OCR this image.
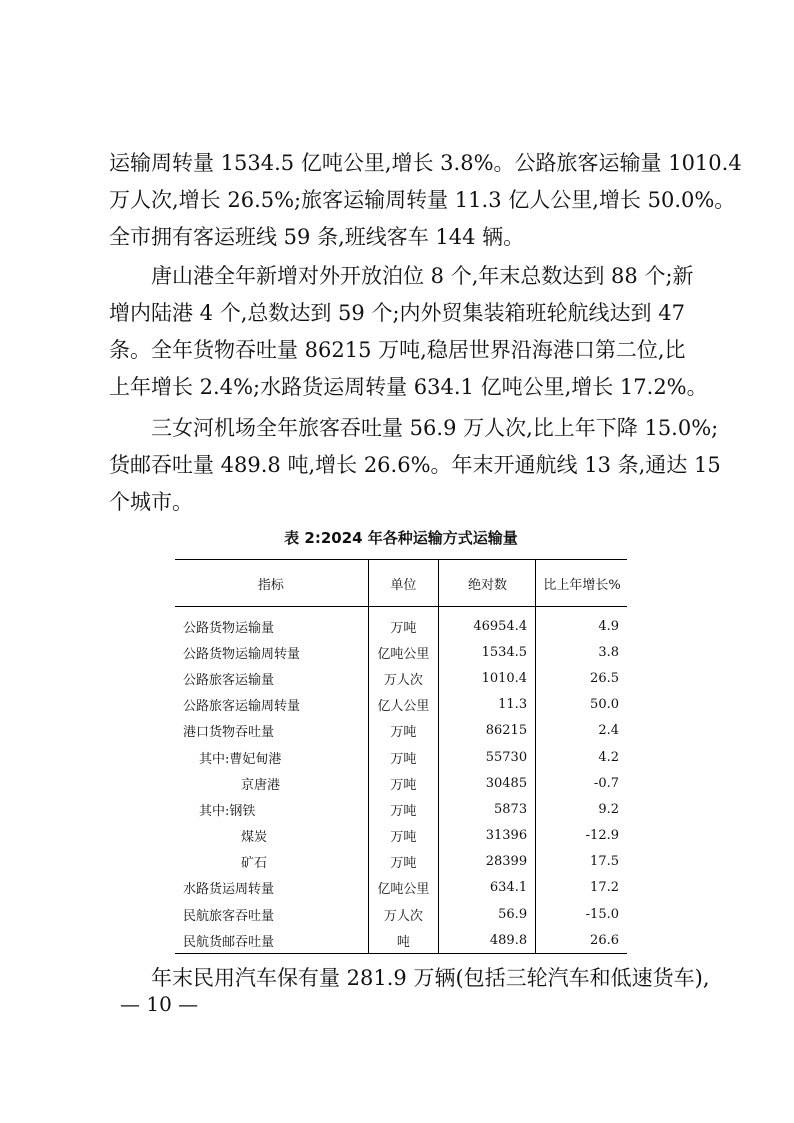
运输周转量 1534.5 亿吨公里,增长 3.8%。公路旅客运输量 1010.4
万人次,增长 26.5%;旅客运输周转量 11.3 亿人公里,增长 50.0%。
全市拥有客运班线 59 条,班线客车 144 辆。
唐山港全年新增对外开放泊位 8 个,年末总数达到 88 个;新
增内陆港 4 个,总数达到 59 个;内外贸集装箱班轮航线达到 47
条。全年货物吞吐量 86215 万吨,稳居世界沿海港口第二位,比
上年增长 2.4%;水路货运周转量 634.1 亿吨公里,增长 17.2%。
三女河机场全年旅客吞吐量 56.9 万人次,比上年下降 15.0%;
货邮吞吐量 489.8 吨,增长 26.6%。年末开通航线 13 条,通达 15
个城市。
表 2:2024 年各种运输方式运输量
指标	单位	绝对数	比上年增长%
公路货物运输量	万吨	46954.4	4.9
公路货物运输周转量	亿吨公里	1534.5	3.8
公路旅客运输量	万人次	1010.4	26.5
公路旅客运输周转量	亿人公里	11.3	50.0
港口货物吞吐量	万吨	86215	2.4
其中:曹妃甸港	万吨	55730	4.2
京唐港	万吨	30485	-0.7
其中:钢铁	万吨	5873	9.2
煤炭	万吨	31396	-12.9
矿石	万吨	28399	17.5
水路货运周转量	亿吨公里	634.1	17.2
民航旅客吞吐量	万人次	56.9	-15.0
民航货邮吞吐量	吨	489.8	26.6
年末民用汽车保有量 281.9 万辆(包括三轮汽车和低速货车),
— 10 —
